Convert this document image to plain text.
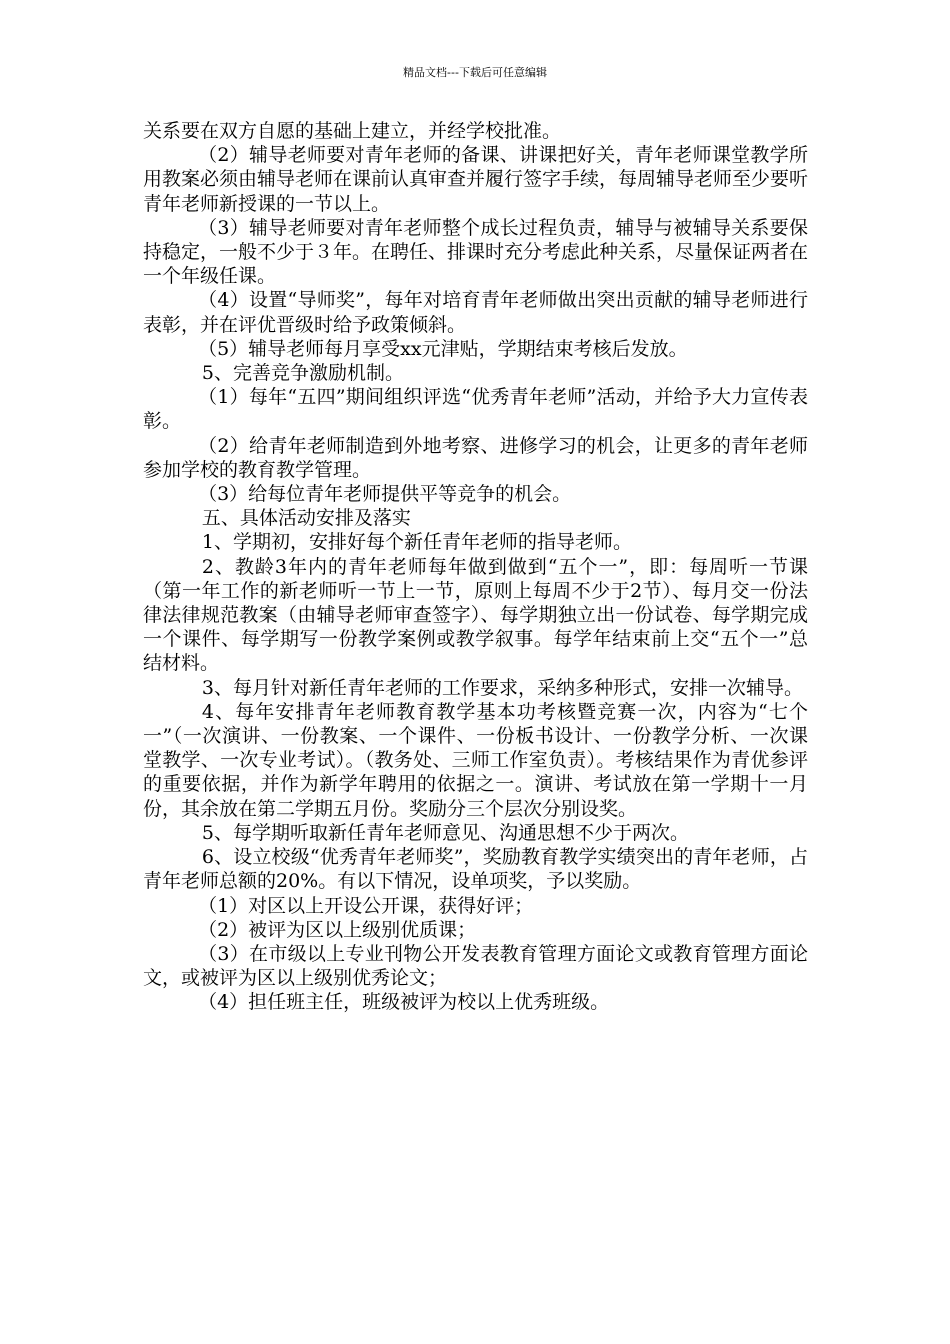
精品文档---下载后可任意编辑

关系要在双方自愿的基础上建立，并经学校批准。

（2）辅导老师要对青年老师的备课、讲课把好关，青年老师课堂教学所用教案必须由辅导老师在课前认真审查并履行签字手续，每周辅导老师至少要听青年老师新授课的一节以上。

（3）辅导老师要对青年老师整个成长过程负责，辅导与被辅导关系要保持稳定，一般不少于３年。在聘任、排课时充分考虑此种关系，尽量保证两者在一个年级任课。

（4）设置“导师奖”，每年对培育青年老师做出突出贡献的辅导老师进行表彰，并在评优晋级时给予政策倾斜。

（5）辅导老师每月享受xx元津贴，学期结束考核后发放。

5、完善竞争激励机制。

（1）每年“五四”期间组织评选“优秀青年老师”活动，并给予大力宣传表彰。

（2）给青年老师制造到外地考察、进修学习的机会，让更多的青年老师参加学校的教育教学管理。

（3）给每位青年老师提供平等竞争的机会。

五、具体活动安排及落实

1、学期初，安排好每个新任青年老师的指导老师。

2、教龄3年内的青年老师每年做到做到“五个一”，即：每周听一节课（第一年工作的新老师听一节上一节，原则上每周不少于2节）、每月交一份法律法律规范教案（由辅导老师审查签字）、每学期独立出一份试卷、每学期完成一个课件、每学期写一份教学案例或教学叙事。每学年结束前上交“五个一”总结材料。

3、每月针对新任青年老师的工作要求，采纳多种形式，安排一次辅导。

4、每年安排青年老师教育教学基本功考核暨竞赛一次，内容为“七个一”（一次演讲、一份教案、一个课件、一份板书设计、一份教学分析、一次课堂教学、一次专业考试）。（教务处、三师工作室负责）。考核结果作为青优参评的重要依据，并作为新学年聘用的依据之一。演讲、考试放在第一学期十一月份，其余放在第二学期五月份。奖励分三个层次分别设奖。

5、每学期听取新任青年老师意见、沟通思想不少于两次。

6、设立校级“优秀青年老师奖”，奖励教育教学实绩突出的青年老师，占青年老师总额的20%。有以下情况，设单项奖，予以奖励。

（1）对区以上开设公开课，获得好评；

（2）被评为区以上级别优质课；

（3）在市级以上专业刊物公开发表教育管理方面论文或教育管理方面论文，或被评为区以上级别优秀论文；

（4）担任班主任，班级被评为校以上优秀班级。
